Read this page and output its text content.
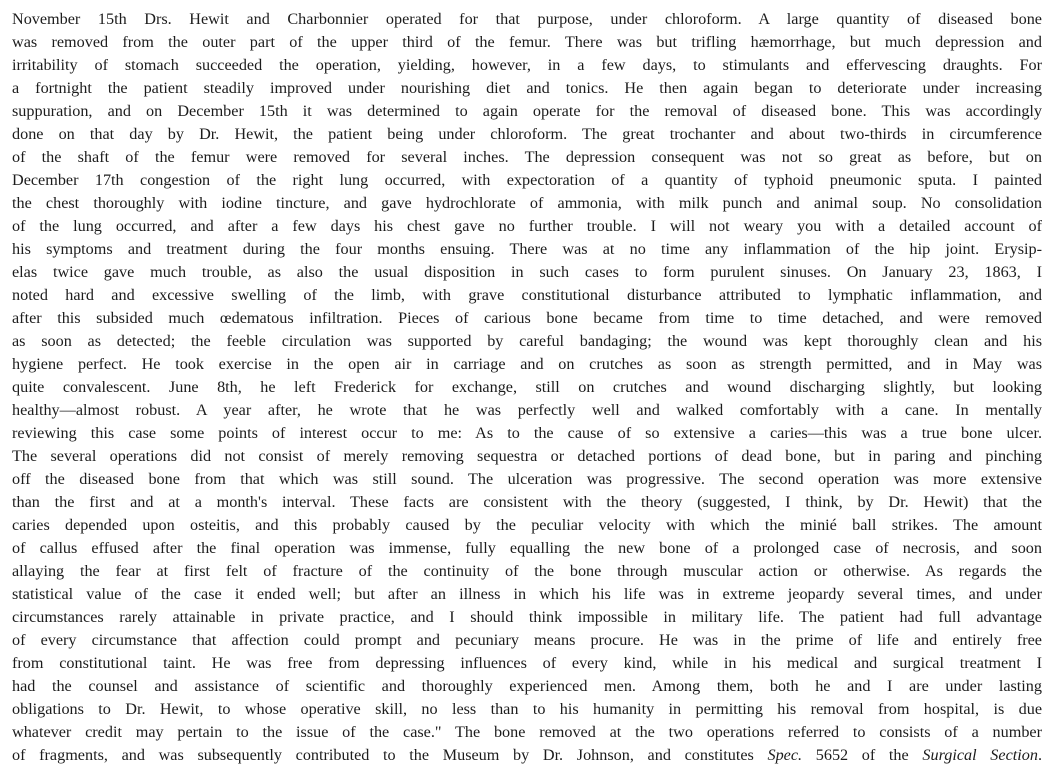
November 15th Drs. Hewit and Charbonnier operated for that purpose, under chloroform. A large quantity of diseased bone
was removed from the outer part of the upper third of the femur. There was but trifling hæmorrhage, but much depression and
irritability of stomach succeeded the operation, yielding, however, in a few days, to stimulants and effervescing draughts. For
a fortnight the patient steadily improved under nourishing diet and tonics. He then again began to deteriorate under increasing
suppuration, and on December 15th it was determined to again operate for the removal of diseased bone. This was accordingly
done on that day by Dr. Hewit, the patient being under chloroform. The great trochanter and about two-thirds in circumference
of the shaft of the femur were removed for several inches. The depression consequent was not so great as before, but on
December 17th congestion of the right lung occurred, with expectoration of a quantity of typhoid pneumonic sputa. I painted
the chest thoroughly with iodine tincture, and gave hydrochlorate of ammonia, with milk punch and animal soup. No consolidation
of the lung occurred, and after a few days his chest gave no further trouble. I will not weary you with a detailed account of
his symptoms and treatment during the four months ensuing. There was at no time any inflammation of the hip joint. Erysip-
elas twice gave much trouble, as also the usual disposition in such cases to form purulent sinuses. On January 23, 1863, I
noted hard and excessive swelling of the limb, with grave constitutional disturbance attributed to lymphatic inflammation, and
after this subsided much œdematous infiltration. Pieces of carious bone became from time to time detached, and were removed
as soon as detected; the feeble circulation was supported by careful bandaging; the wound was kept thoroughly clean and his
hygiene perfect. He took exercise in the open air in carriage and on crutches as soon as strength permitted, and in May was
quite convalescent. June 8th, he left Frederick for exchange, still on crutches and wound discharging slightly, but looking
healthy—almost robust. A year after, he wrote that he was perfectly well and walked comfortably with a cane. In mentally
reviewing this case some points of interest occur to me: As to the cause of so extensive a caries—this was a true bone ulcer.
The several operations did not consist of merely removing sequestra or detached portions of dead bone, but in paring and pinching
off the diseased bone from that which was still sound. The ulceration was progressive. The second operation was more extensive
than the first and at a month's interval. These facts are consistent with the theory (suggested, I think, by Dr. Hewit) that the
caries depended upon osteitis, and this probably caused by the peculiar velocity with which the minié ball strikes. The amount
of callus effused after the final operation was immense, fully equalling the new bone of a prolonged case of necrosis, and soon
allaying the fear at first felt of fracture of the continuity of the bone through muscular action or otherwise. As regards the
statistical value of the case it ended well; but after an illness in which his life was in extreme jeopardy several times, and under
circumstances rarely attainable in private practice, and I should think impossible in military life. The patient had full advantage
of every circumstance that affection could prompt and pecuniary means procure. He was in the prime of life and entirely free
from constitutional taint. He was free from depressing influences of every kind, while in his medical and surgical treatment I
had the counsel and assistance of scientific and thoroughly experienced men. Among them, both he and I are under lasting
obligations to Dr. Hewit, to whose operative skill, no less than to his humanity in permitting his removal from hospital, is due
whatever credit may pertain to the issue of the case." The bone removed at the two operations referred to consists of a number
of fragments, and was subsequently contributed to the Museum by Dr. Johnson, and constitutes Spec. 5652 of the Surgical Section.
